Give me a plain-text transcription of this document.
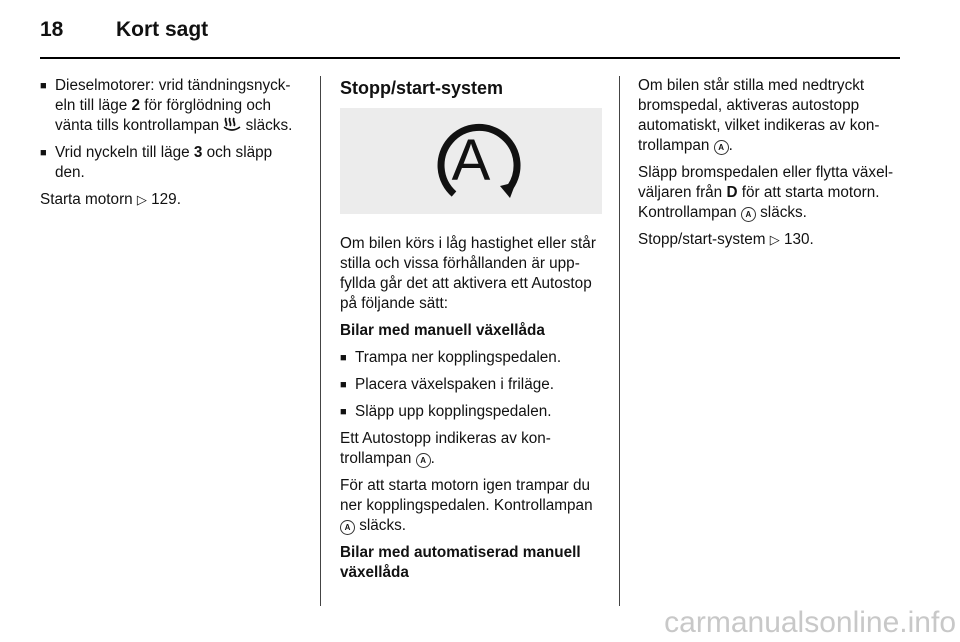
18	Kort sagt
■ Dieselmotorer: vrid tändningsnyck-eln till läge 2 för förglödning och vänta tills kontrollampan  släcks.
■ Vrid nyckeln till läge 3 och släpp den.

Starta motorn ▷ 129.

Stopp/start-system
A

Om bilen körs i låg hastighet eller står stilla och vissa förhållanden är upp-fyllda går det att aktivera ett Autostop på följande sätt:

Bilar med manuell växellåda

■ Trampa ner kopplingspedalen.
■ Placera växelspaken i friläge.
■ Släpp upp kopplingspedalen.

Ett Autostopp indikeras av kon-trollampan A .

För att starta motorn igen trampar du ner kopplingspedalen. Kontrollampan A släcks.

Bilar med automatiserad manuell växellåda

Om bilen står stilla med nedtryckt bromspedal, aktiveras autostopp automatiskt, vilket indikeras av kon-trollampan A .

Släpp bromspedalen eller flytta växel-väljaren från D för att starta motorn. Kontrollampan A släcks.

Stopp/start-system ▷ 130.

carmanualsonline.info
